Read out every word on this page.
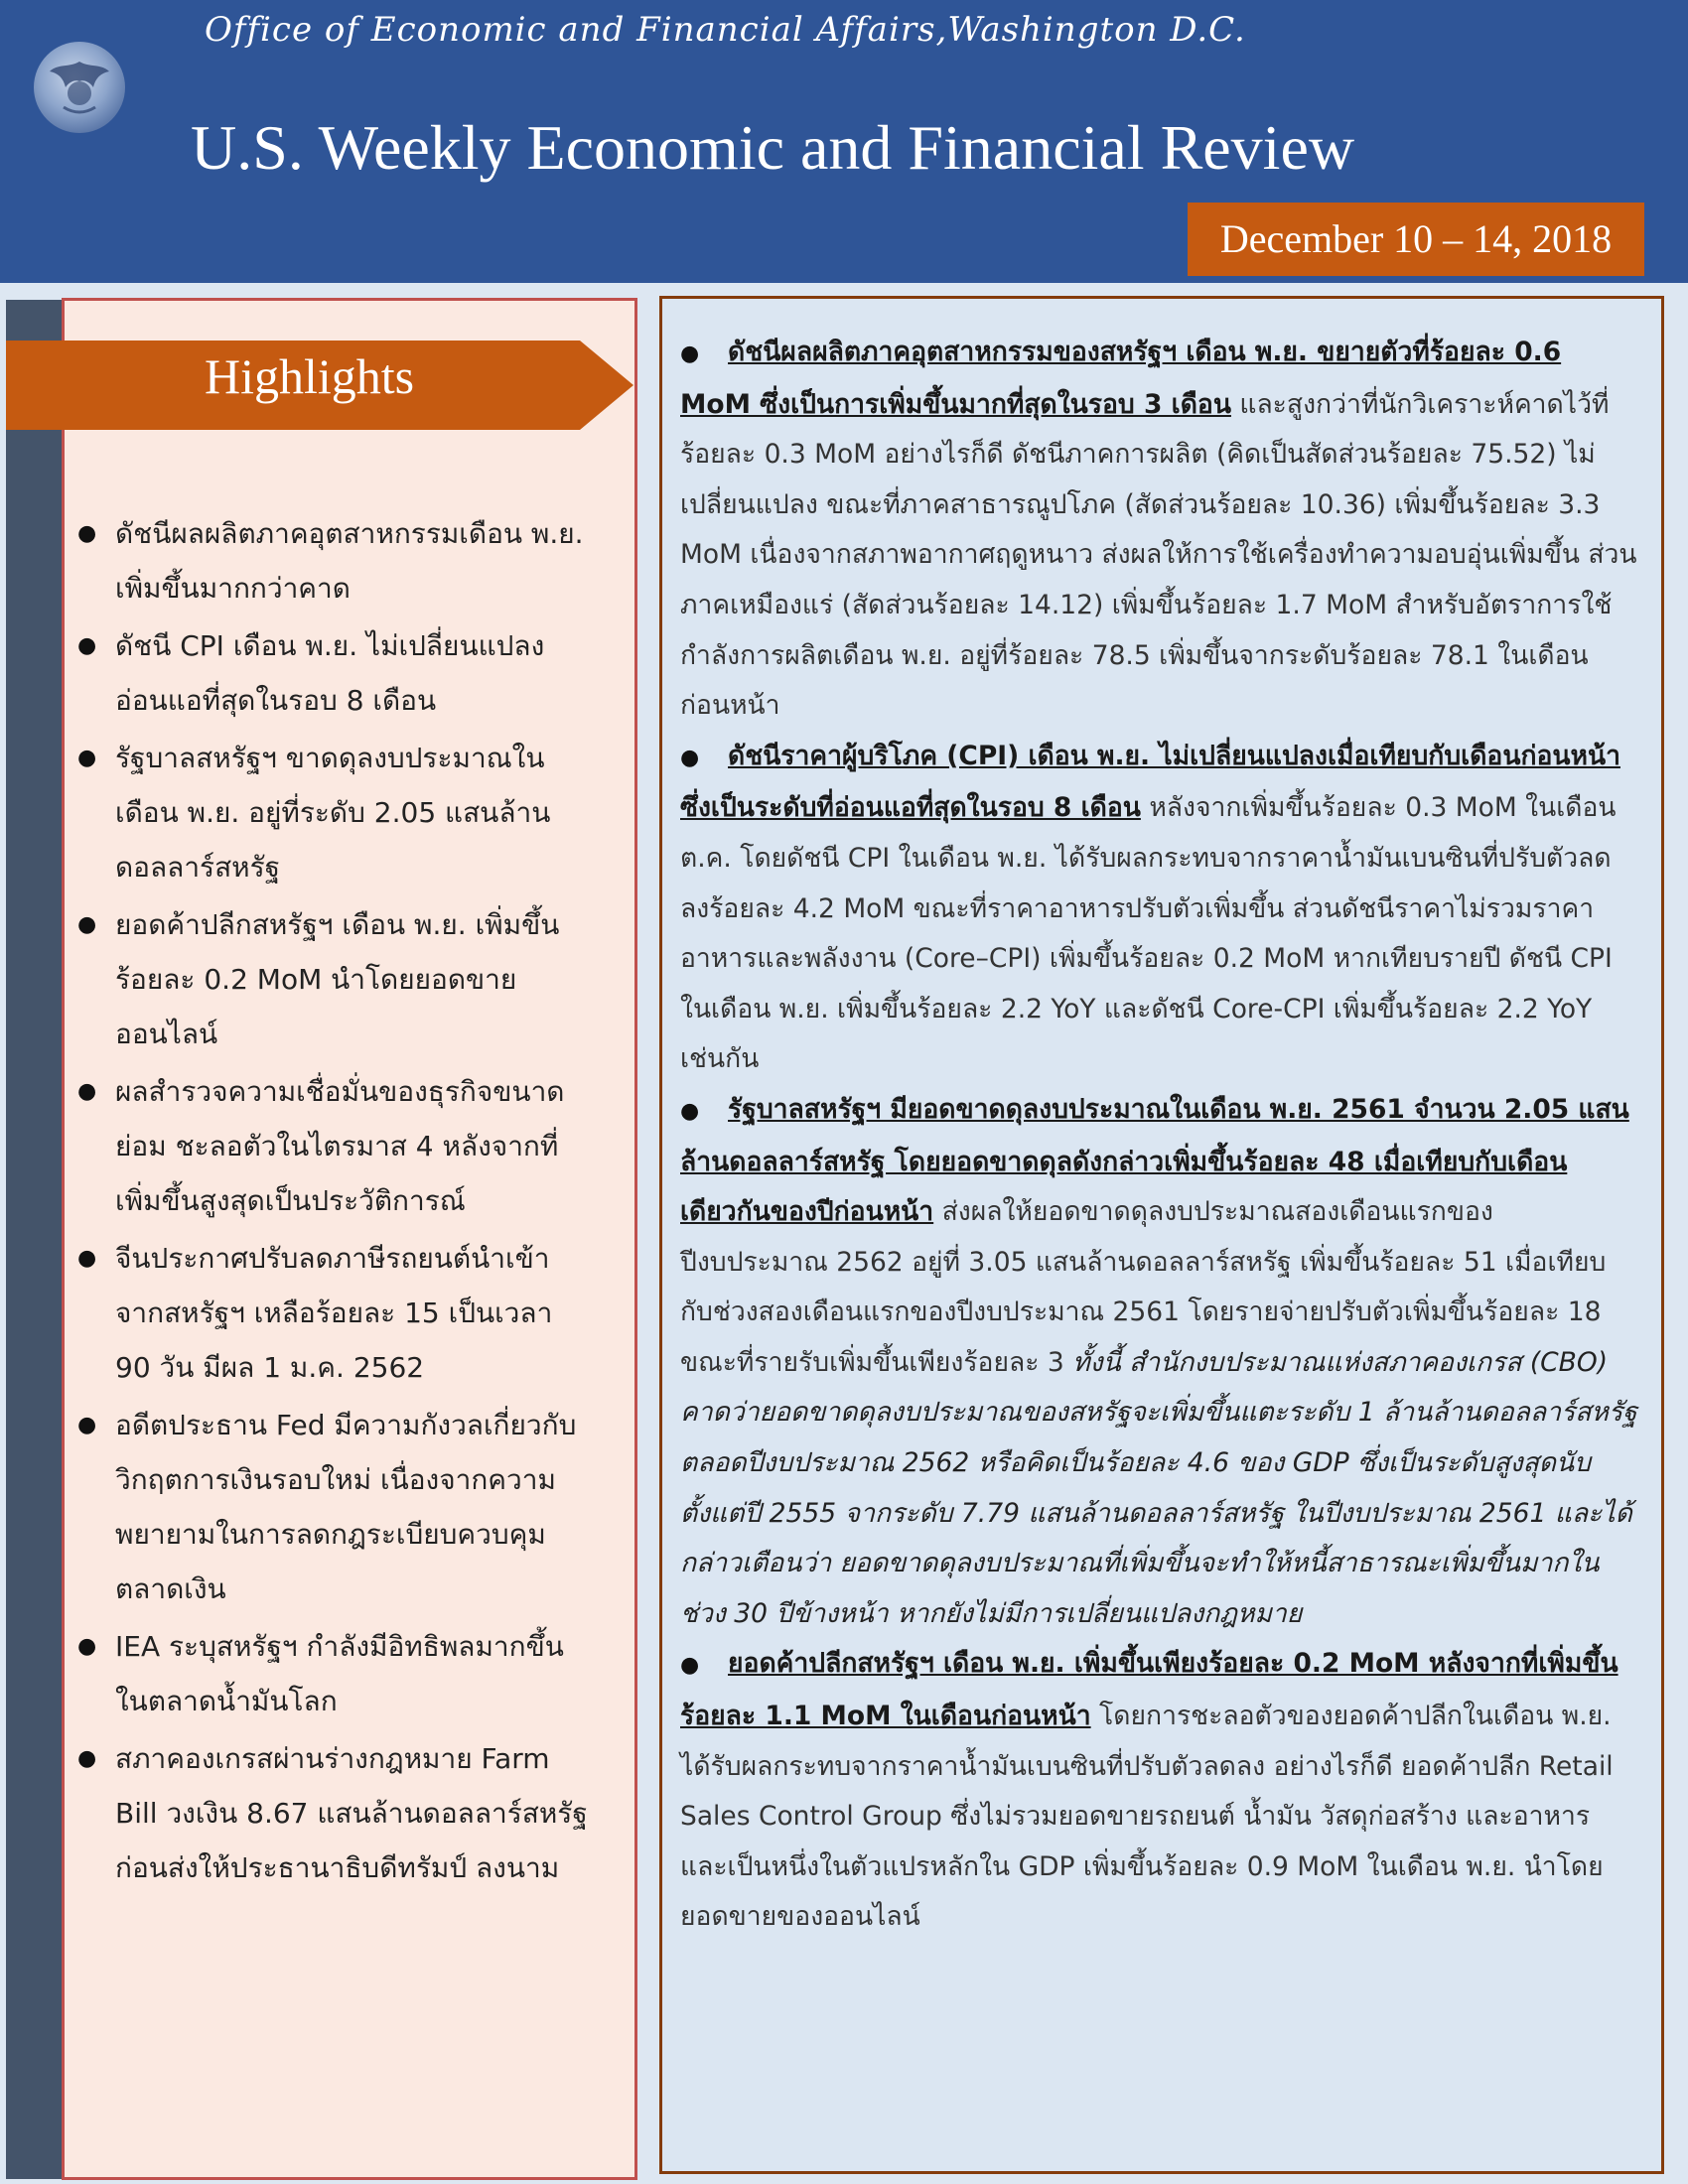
Office of Economic and Financial Affairs,Washington D.C.
U.S. Weekly Economic and Financial Review
December 10 – 14, 2018
Highlights
● ดัชนีผลผลิตภาคอุตสาหกรรมเดือน พ.ย. เพิ่มขึ้นมากกว่าคาด
● ดัชนี CPI เดือน พ.ย. ไม่เปลี่ยนแปลง อ่อนแอที่สุดในรอบ 8 เดือน
● รัฐบาลสหรัฐฯ ขาดดุลงบประมาณในเดือน พ.ย. อยู่ที่ระดับ 2.05 แสนล้านดอลลาร์สหรัฐ
● ยอดค้าปลีกสหรัฐฯ เดือน พ.ย. เพิ่มขึ้นร้อยละ 0.2 MoM นำโดยยอดขายออนไลน์
● ผลสำรวจความเชื่อมั่นของธุรกิจขนาดย่อม ชะลอตัวในไตรมาส 4 หลังจากที่เพิ่มขึ้นสูงสุดเป็นประวัติการณ์
● จีนประกาศปรับลดภาษีรถยนต์นำเข้าจากสหรัฐฯ เหลือร้อยละ 15 เป็นเวลา 90 วัน มีผล 1 ม.ค. 2562
● อดีตประธาน Fed มีความกังวลเกี่ยวกับวิกฤตการเงินรอบใหม่ เนื่องจากความพยายามในการลดกฎระเบียบควบคุมตลาดเงิน
● IEA ระบุสหรัฐฯ กำลังมีอิทธิพลมากขึ้นในตลาดน้ำมันโลก
● สภาคองเกรสผ่านร่างกฎหมาย Farm Bill วงเงิน 8.67 แสนล้านดอลลาร์สหรัฐ ก่อนส่งให้ประธานาธิบดีทรัมป์ ลงนาม

● ดัชนีผลผลิตภาคอุตสาหกรรมของสหรัฐฯ เดือน พ.ย. ขยายตัวที่ร้อยละ 0.6 MoM ซึ่งเป็นการเพิ่มขึ้นมากที่สุดในรอบ 3 เดือน และสูงกว่าที่นักวิเคราะห์คาดไว้ที่ร้อยละ 0.3 MoM อย่างไรก็ดี ดัชนีภาคการผลิต (คิดเป็นสัดส่วนร้อยละ 75.52) ไม่เปลี่ยนแปลง ขณะที่ภาคสาธารณูปโภค (สัดส่วนร้อยละ 10.36) เพิ่มขึ้นร้อยละ 3.3 MoM เนื่องจากสภาพอากาศฤดูหนาว ส่งผลให้การใช้เครื่องทำความอบอุ่นเพิ่มขึ้น ส่วนภาคเหมืองแร่ (สัดส่วนร้อยละ 14.12) เพิ่มขึ้นร้อยละ 1.7 MoM สำหรับอัตราการใช้กำลังการผลิตเดือน พ.ย. อยู่ที่ร้อยละ 78.5 เพิ่มขึ้นจากระดับร้อยละ 78.1 ในเดือน ก่อนหน้า

● ดัชนีราคาผู้บริโภค (CPI) เดือน พ.ย. ไม่เปลี่ยนแปลงเมื่อเทียบกับเดือนก่อนหน้า ซึ่งเป็นระดับที่อ่อนแอที่สุดในรอบ 8 เดือน หลังจากเพิ่มขึ้นร้อยละ 0.3 MoM ในเดือน ต.ค. โดยดัชนี CPI ในเดือน พ.ย. ได้รับผลกระทบจากราคาน้ำมันเบนซินที่ปรับตัวลดลงร้อยละ 4.2 MoM ขณะที่ราคาอาหารปรับตัวเพิ่มขึ้น ส่วนดัชนีราคาไม่รวมราคาอาหารและพลังงาน (Core–CPI) เพิ่มขึ้นร้อยละ 0.2 MoM หากเทียบรายปี ดัชนี CPI ในเดือน พ.ย. เพิ่มขึ้นร้อยละ 2.2 YoY และดัชนี Core-CPI เพิ่มขึ้นร้อยละ 2.2 YoY เช่นกัน

● รัฐบาลสหรัฐฯ มียอดขาดดุลงบประมาณในเดือน พ.ย. 2561 จำนวน 2.05 แสนล้านดอลลาร์สหรัฐ โดยยอดขาดดุลดังกล่าวเพิ่มขึ้นร้อยละ 48 เมื่อเทียบกับเดือนเดียวกันของปีก่อนหน้า ส่งผลให้ยอดขาดดุลงบประมาณสองเดือนแรกของปีงบประมาณ 2562 อยู่ที่ 3.05 แสนล้านดอลลาร์สหรัฐ เพิ่มขึ้นร้อยละ 51 เมื่อเทียบกับช่วงสองเดือนแรกของปีงบประมาณ 2561 โดยรายจ่ายปรับตัวเพิ่มขึ้นร้อยละ 18 ขณะที่รายรับเพิ่มขึ้นเพียงร้อยละ 3 ทั้งนี้ สำนักงบประมาณแห่งสภาคองเกรส (CBO) คาดว่ายอดขาดดุลงบประมาณของสหรัฐจะเพิ่มขึ้นแตะระดับ 1 ล้านล้านดอลลาร์สหรัฐ ตลอดปีงบประมาณ 2562 หรือคิดเป็นร้อยละ 4.6 ของ GDP ซึ่งเป็นระดับสูงสุดนับตั้งแต่ปี 2555 จากระดับ 7.79 แสนล้านดอลลาร์สหรัฐ ในปีงบประมาณ 2561 และได้กล่าวเตือนว่า ยอดขาดดุลงบประมาณที่เพิ่มขึ้นจะทำให้หนี้สาธารณะเพิ่มขึ้นมากในช่วง 30 ปีข้างหน้า หากยังไม่มีการเปลี่ยนแปลงกฎหมาย

● ยอดค้าปลีกสหรัฐฯ เดือน พ.ย. เพิ่มขึ้นเพียงร้อยละ 0.2 MoM หลังจากที่เพิ่มขึ้นร้อยละ 1.1 MoM ในเดือนก่อนหน้า โดยการชะลอตัวของยอดค้าปลีกในเดือน พ.ย. ได้รับผลกระทบจากราคาน้ำมันเบนซินที่ปรับตัวลดลง อย่างไรก็ดี ยอดค้าปลีก Retail Sales Control Group ซึ่งไม่รวมยอดขายรถยนต์ น้ำมัน วัสดุก่อสร้าง และอาหาร และเป็นหนึ่งในตัวแปรหลักใน GDP เพิ่มขึ้นร้อยละ 0.9 MoM ในเดือน พ.ย. นำโดยยอดขายของออนไลน์
